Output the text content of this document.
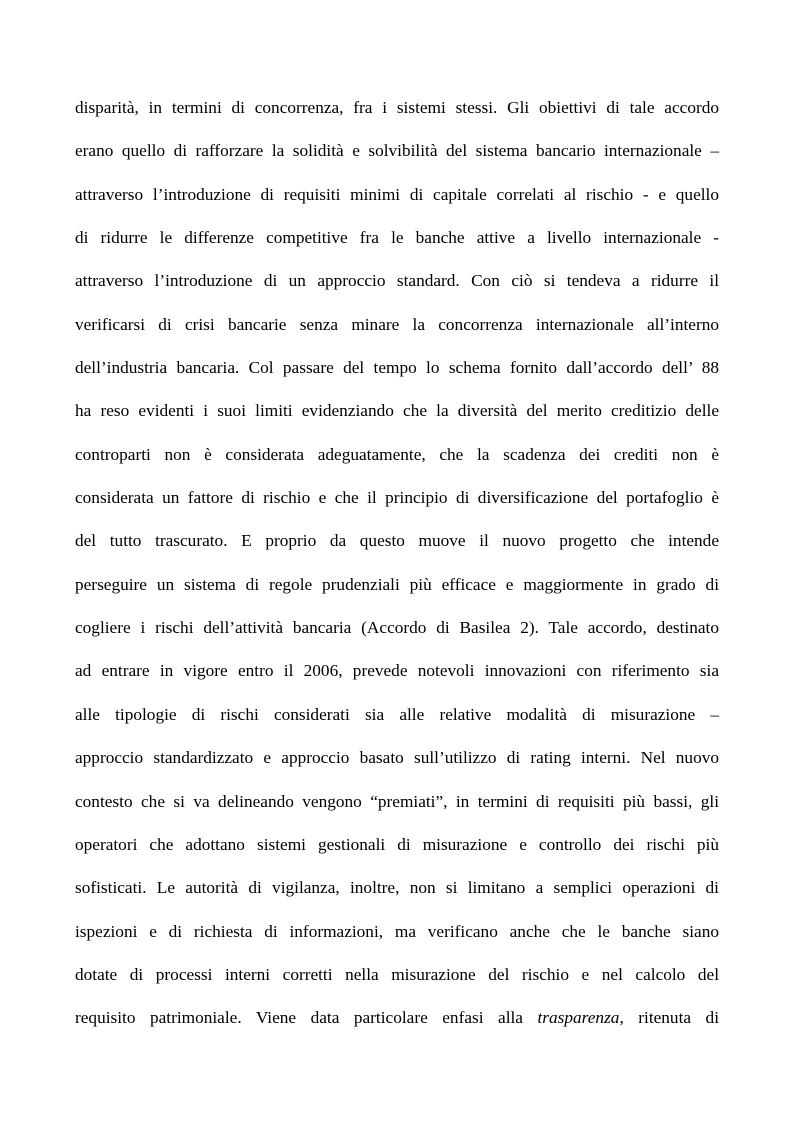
disparità, in termini di concorrenza, fra i sistemi stessi. Gli obiettivi di tale accordo
erano quello di rafforzare la solidità e solvibilità del sistema bancario internazionale –
attraverso l’introduzione di requisiti minimi di capitale correlati al rischio - e quello
di ridurre le differenze competitive fra le banche attive a livello internazionale -
attraverso l’introduzione di un approccio standard. Con ciò si tendeva a ridurre il
verificarsi di crisi bancarie senza minare la concorrenza internazionale all’interno
dell’industria bancaria. Col passare del tempo lo schema fornito dall’accordo dell’ 88
ha reso evidenti i suoi limiti evidenziando che la diversità del merito creditizio delle
controparti non è considerata adeguatamente, che la scadenza dei crediti non è
considerata un fattore di rischio e che il principio di diversificazione del portafoglio è
del tutto trascurato. E proprio da questo muove il nuovo progetto che intende
perseguire un sistema di regole prudenziali più efficace e maggiormente in grado di
cogliere i rischi dell’attività bancaria (Accordo di Basilea 2). Tale accordo, destinato
ad entrare in vigore entro il 2006, prevede notevoli innovazioni con riferimento sia
alle tipologie di rischi considerati sia alle relative modalità di misurazione –
approccio standardizzato e approccio basato sull’utilizzo di rating interni. Nel nuovo
contesto che si va delineando vengono “premiati”, in termini di requisiti più bassi, gli
operatori che adottano sistemi gestionali di misurazione e controllo dei rischi più
sofisticati. Le autorità di vigilanza, inoltre, non si limitano a semplici operazioni di
ispezioni e di richiesta di informazioni, ma verificano anche che le banche siano
dotate di processi interni corretti nella misurazione del rischio e nel calcolo del
requisito patrimoniale. Viene data particolare enfasi alla trasparenza, ritenuta di
